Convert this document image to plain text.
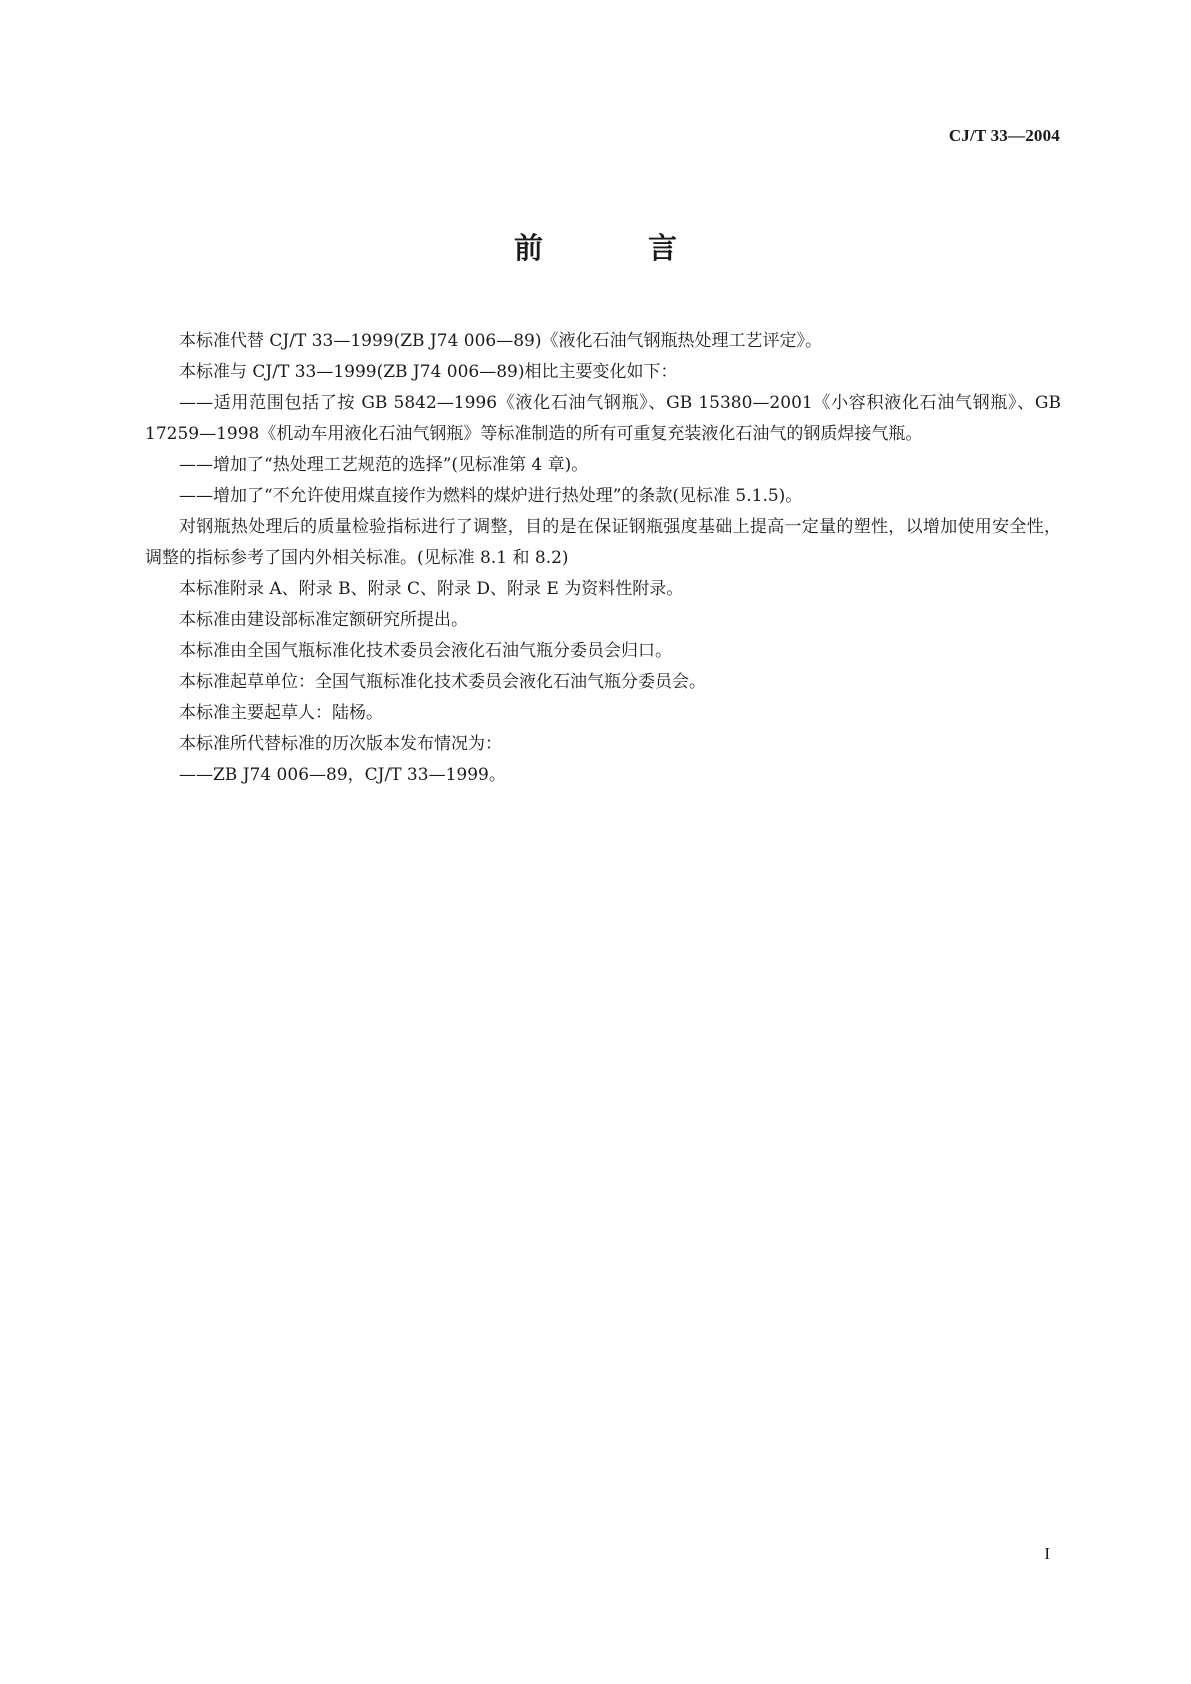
CJ/T 33—2004
前　言

本标准代替 CJ/T 33—1999(ZB J74 006—89)《液化石油气钢瓶热处理工艺评定》。

本标准与 CJ/T 33—1999(ZB J74 006—89)相比主要变化如下：

——适用范围包括了按 GB 5842—1996《液化石油气钢瓶》、GB 15380—2001《小容积液化石油气钢瓶》、GB 17259—1998《机动车用液化石油气钢瓶》等标准制造的所有可重复充装液化石油气的钢质焊接气瓶。

——增加了“热处理工艺规范的选择”(见标准第 4 章)。

——增加了“不允许使用煤直接作为燃料的煤炉进行热处理”的条款(见标准 5.1.5)。

对钢瓶热处理后的质量检验指标进行了调整，目的是在保证钢瓶强度基础上提高一定量的塑性，以增加使用安全性，调整的指标参考了国内外相关标准。(见标准 8.1 和 8.2)

本标准附录 A、附录 B、附录 C、附录 D、附录 E 为资料性附录。

本标准由建设部标准定额研究所提出。

本标准由全国气瓶标准化技术委员会液化石油气瓶分委员会归口。

本标准起草单位：全国气瓶标准化技术委员会液化石油气瓶分委员会。

本标准主要起草人：陆杨。

本标准所代替标准的历次版本发布情况为：

——ZB J74 006—89，CJ/T 33—1999。

I
